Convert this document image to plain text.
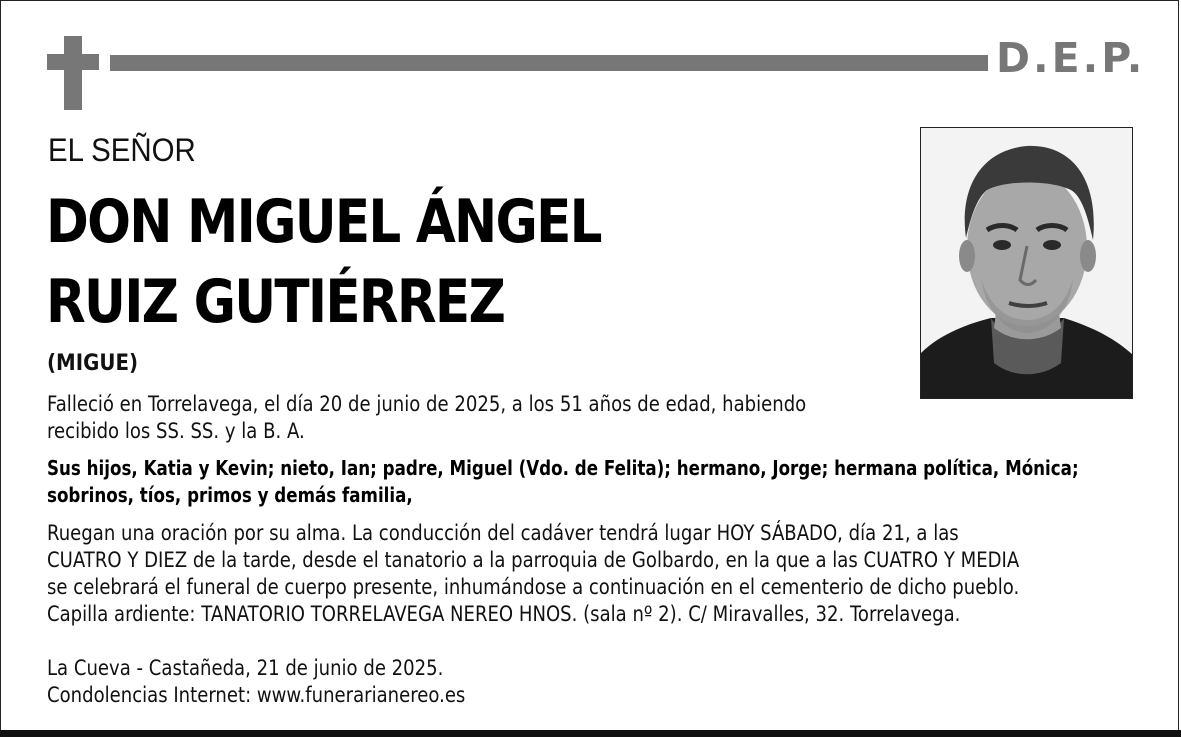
D.E.P.
EL SEÑOR
DON MIGUEL ÁNGEL
RUIZ GUTIÉRREZ
(MIGUE)
Falleció en Torrelavega, el día 20 de junio de 2025, a los 51 años de edad, habiendo
recibido los SS. SS. y la B. A.
Sus hijos, Katia y Kevin; nieto, Ian; padre, Miguel (Vdo. de Felita); hermano, Jorge; hermana política, Mónica;
sobrinos, tíos, primos y demás familia,
Ruegan una oración por su alma. La conducción del cadáver tendrá lugar HOY SÁBADO, día 21, a las
CUATRO Y DIEZ de la tarde, desde el tanatorio a la parroquia de Golbardo, en la que a las CUATRO Y MEDIA
se celebrará el funeral de cuerpo presente, inhumándose a continuación en el cementerio de dicho pueblo.
Capilla ardiente: TANATORIO TORRELAVEGA NEREO HNOS. (sala nº 2). C/ Miravalles, 32. Torrelavega.
La Cueva - Castañeda, 21 de junio de 2025.
Condolencias Internet: www.funerarianereo.es
